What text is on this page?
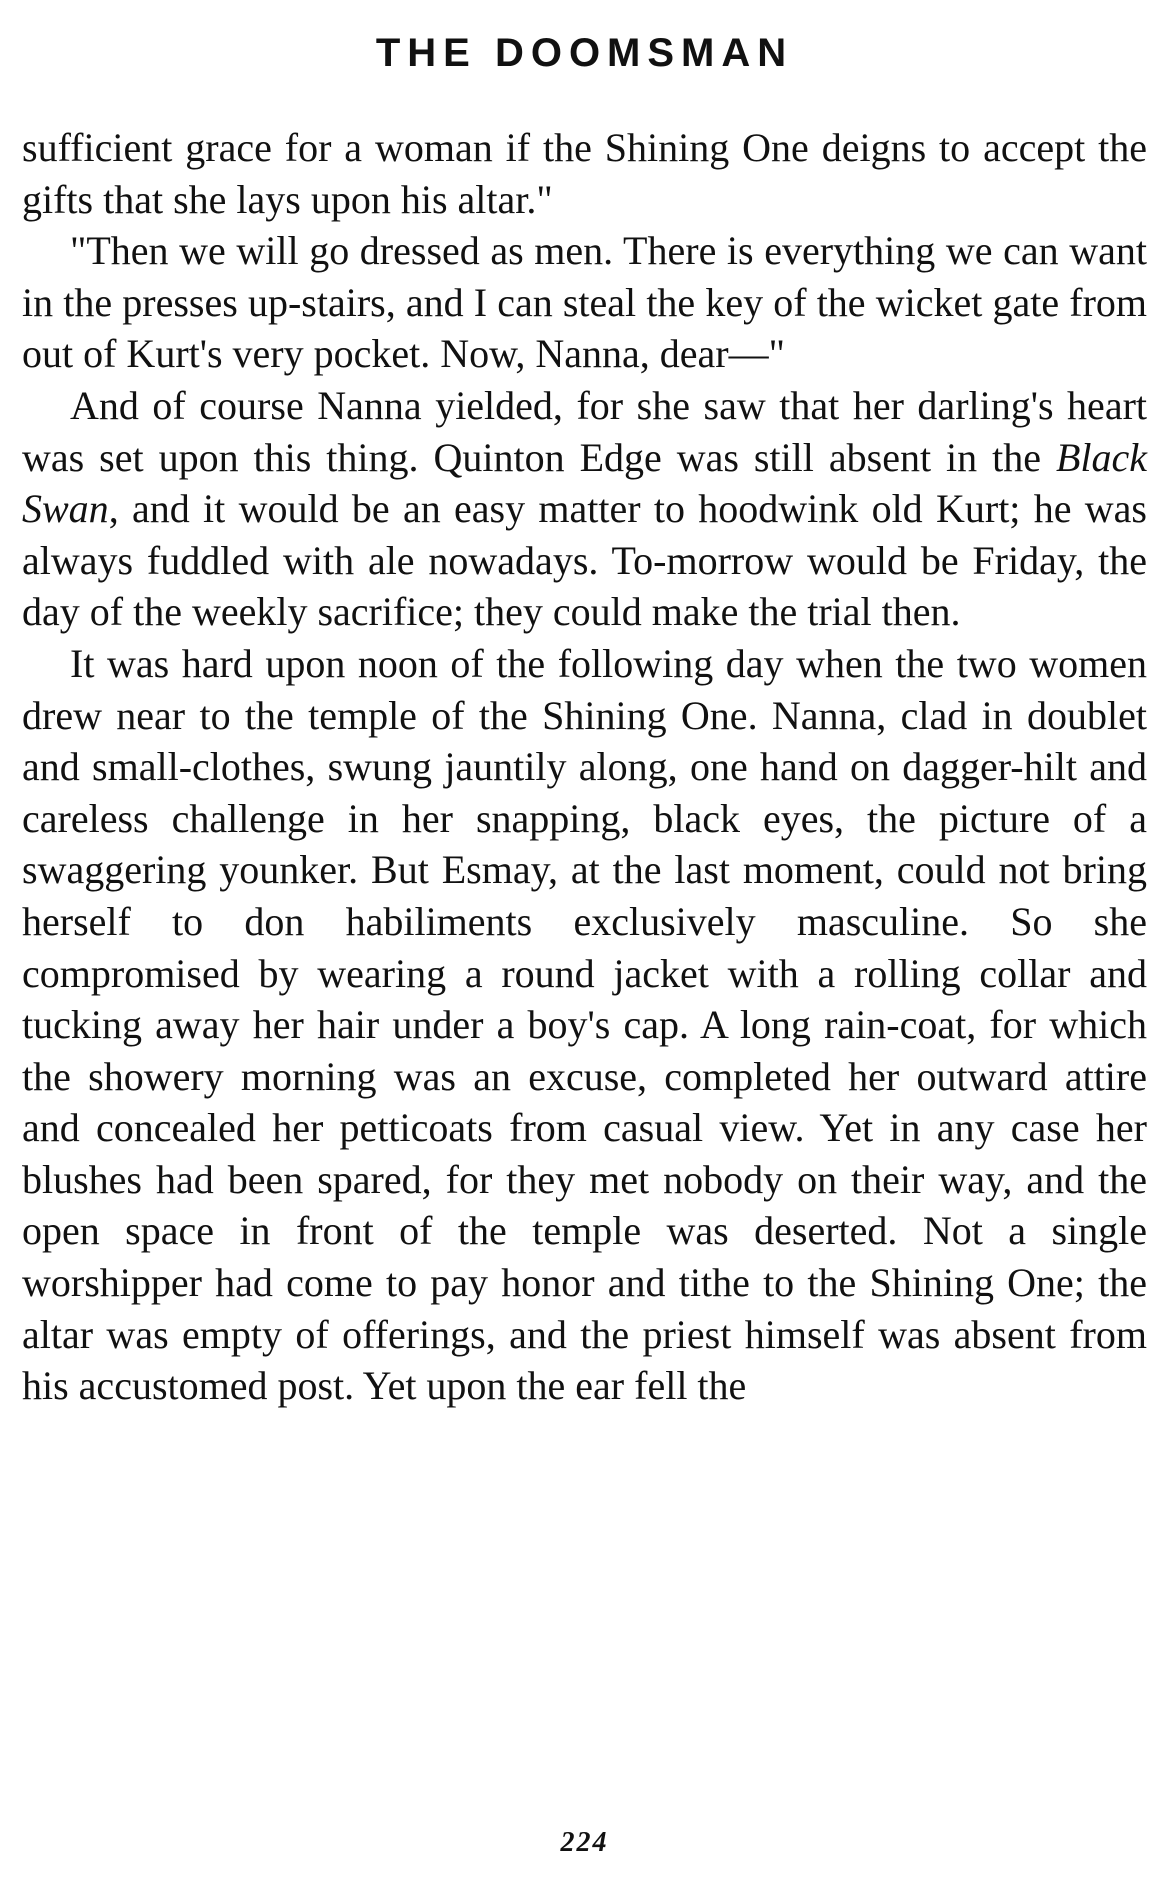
THE DOOMSMAN

sufficient grace for a woman if the Shining One deigns to accept the gifts that she lays upon his altar."

"Then we will go dressed as men. There is everything we can want in the presses up-stairs, and I can steal the key of the wicket gate from out of Kurt's very pocket. Now, Nanna, dear—"

And of course Nanna yielded, for she saw that her darling's heart was set upon this thing. Quinton Edge was still absent in the Black Swan, and it would be an easy matter to hoodwink old Kurt; he was always fuddled with ale nowadays. To-morrow would be Friday, the day of the weekly sacrifice; they could make the trial then.

It was hard upon noon of the following day when the two women drew near to the temple of the Shining One. Nanna, clad in doublet and small-clothes, swung jauntily along, one hand on dagger-hilt and careless challenge in her snapping, black eyes, the picture of a swaggering younker. But Esmay, at the last moment, could not bring herself to don habiliments exclusively masculine. So she compromised by wearing a round jacket with a rolling collar and tucking away her hair under a boy's cap. A long rain-coat, for which the showery morning was an excuse, completed her outward attire and concealed her petticoats from casual view. Yet in any case her blushes had been spared, for they met nobody on their way, and the open space in front of the temple was deserted. Not a single worshipper had come to pay honor and tithe to the Shining One; the altar was empty of offerings, and the priest himself was absent from his accustomed post. Yet upon the ear fell the

224
